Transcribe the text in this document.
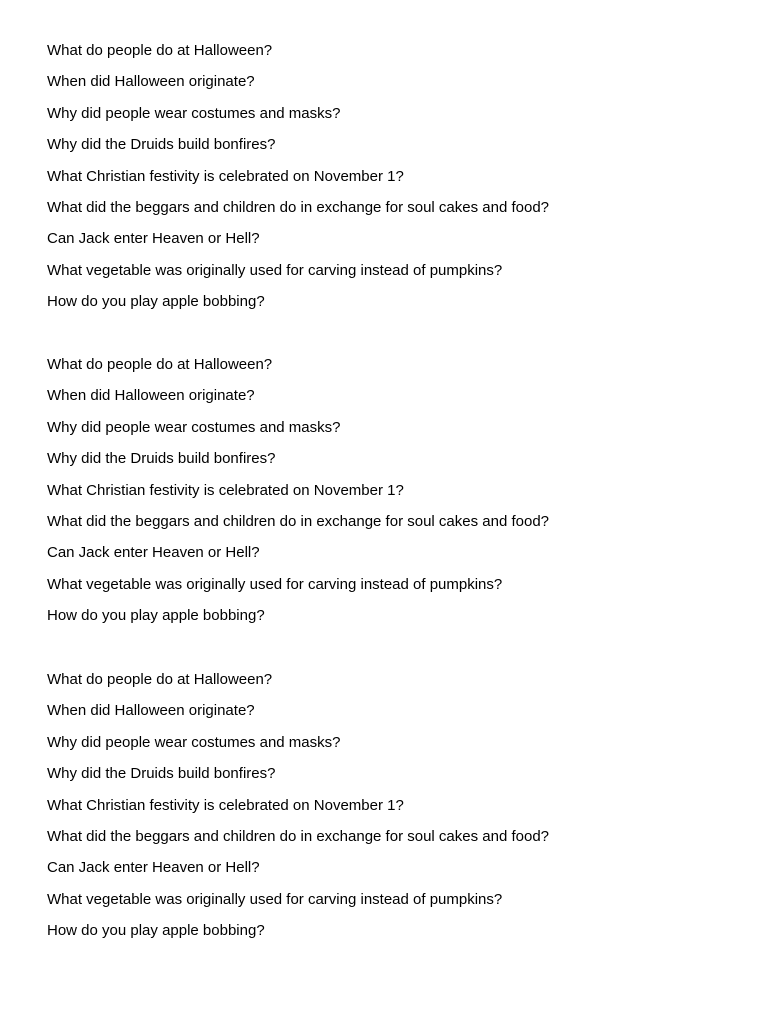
What do people do at Halloween?
When did Halloween originate?
Why did people wear costumes and masks?
Why did the Druids build bonfires?
What Christian festivity is celebrated on November 1?
What did the beggars and children do in exchange for soul cakes and food?
Can Jack enter Heaven or Hell?
What vegetable was originally used for carving instead of pumpkins?
How do you play apple bobbing?
What do people do at Halloween?
When did Halloween originate?
Why did people wear costumes and masks?
Why did the Druids build bonfires?
What Christian festivity is celebrated on November 1?
What did the beggars and children do in exchange for soul cakes and food?
Can Jack enter Heaven or Hell?
What vegetable was originally used for carving instead of pumpkins?
How do you play apple bobbing?
What do people do at Halloween?
When did Halloween originate?
Why did people wear costumes and masks?
Why did the Druids build bonfires?
What Christian festivity is celebrated on November 1?
What did the beggars and children do in exchange for soul cakes and food?
Can Jack enter Heaven or Hell?
What vegetable was originally used for carving instead of pumpkins?
How do you play apple bobbing?
